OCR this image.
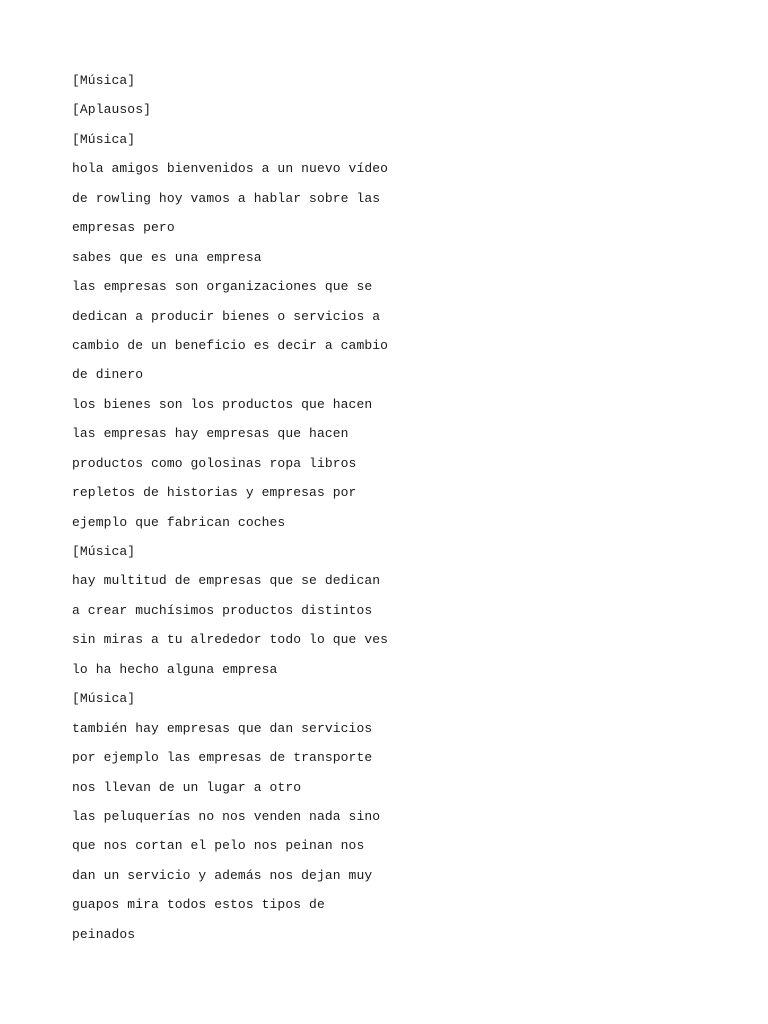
[Música]
[Aplausos]
[Música]
hola amigos bienvenidos a un nuevo vídeo
de rowling hoy vamos a hablar sobre las
empresas pero
sabes que es una empresa
las empresas son organizaciones que se
dedican a producir bienes o servicios a
cambio de un beneficio es decir a cambio
de dinero
los bienes son los productos que hacen
las empresas hay empresas que hacen
productos como golosinas ropa libros
repletos de historias y empresas por
ejemplo que fabrican coches
[Música]
hay multitud de empresas que se dedican
a crear muchísimos productos distintos
sin miras a tu alrededor todo lo que ves
lo ha hecho alguna empresa
[Música]
también hay empresas que dan servicios
por ejemplo las empresas de transporte
nos llevan de un lugar a otro
las peluquerías no nos venden nada sino
que nos cortan el pelo nos peinan nos
dan un servicio y además nos dejan muy
guapos mira todos estos tipos de
peinados
